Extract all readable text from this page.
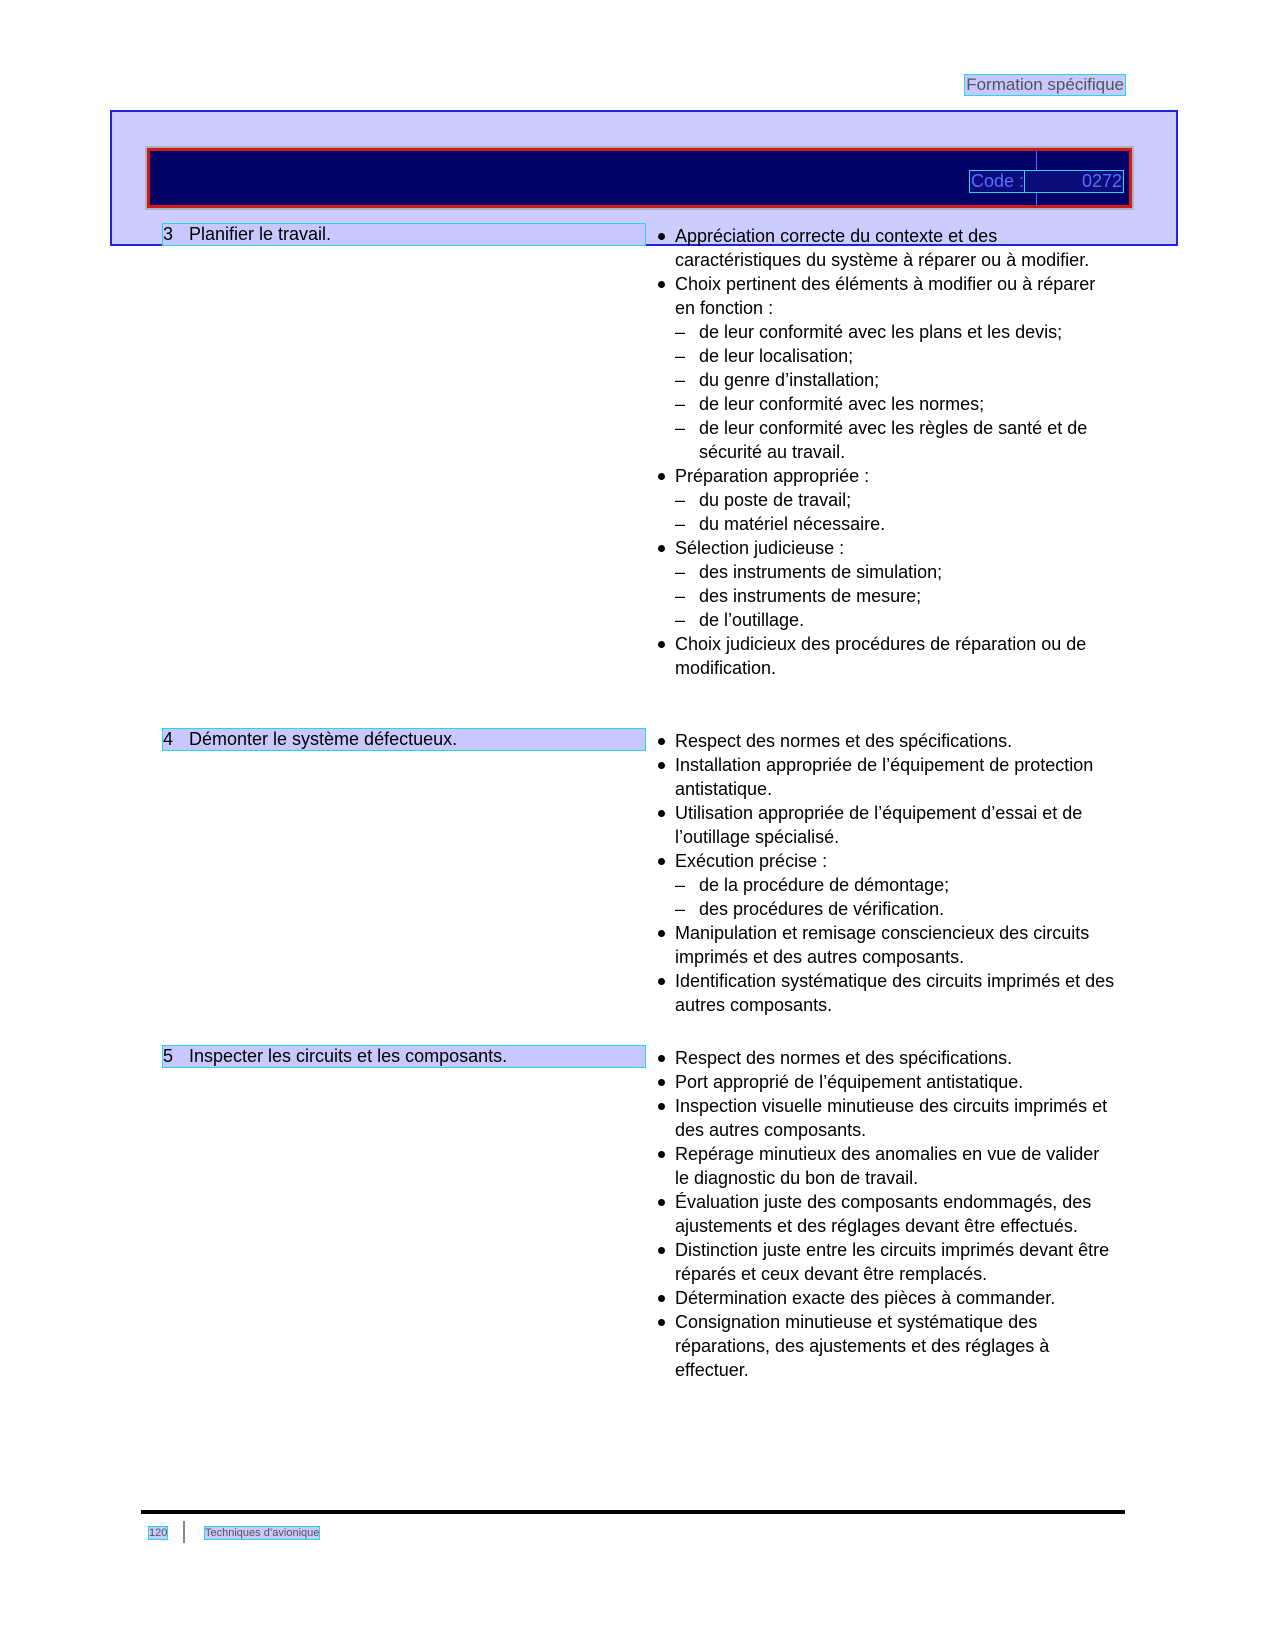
Formation spécifique
Code :	0272
3 Planifier le travail.	Appréciation correcte du contexte et des caractéristiques du système à réparer ou à modifier.
Choix pertinent des éléments à modifier ou à réparer en fonction :
– de leur conformité avec les plans et les devis;
– de leur localisation;
– du genre d’installation;
– de leur conformité avec les normes;
– de leur conformité avec les règles de santé et de sécurité au travail.
Préparation appropriée :
– du poste de travail;
– du matériel nécessaire.
Sélection judicieuse :
– des instruments de simulation;
– des instruments de mesure;
– de l’outillage.
Choix judicieux des procédures de réparation ou de modification.
4 Démonter le système défectueux.	Respect des normes et des spécifications.
Installation appropriée de l’équipement de protection antistatique.
Utilisation appropriée de l’équipement d’essai et de l’outillage spécialisé.
Exécution précise :
– de la procédure de démontage;
– des procédures de vérification.
Manipulation et remisage consciencieux des circuits imprimés et des autres composants.
Identification systématique des circuits imprimés et des autres composants.
5 Inspecter les circuits et les composants.	Respect des normes et des spécifications.
Port approprié de l’équipement antistatique.
Inspection visuelle minutieuse des circuits imprimés et des autres composants.
Repérage minutieux des anomalies en vue de valider le diagnostic du bon de travail.
Évaluation juste des composants endommagés, des ajustements et des réglages devant être effectués.
Distinction juste entre les circuits imprimés devant être réparés et ceux devant être remplacés.
Détermination exacte des pièces à commander.
Consignation minutieuse et systématique des réparations, des ajustements et des réglages à effectuer.
120	Techniques d’avionique
